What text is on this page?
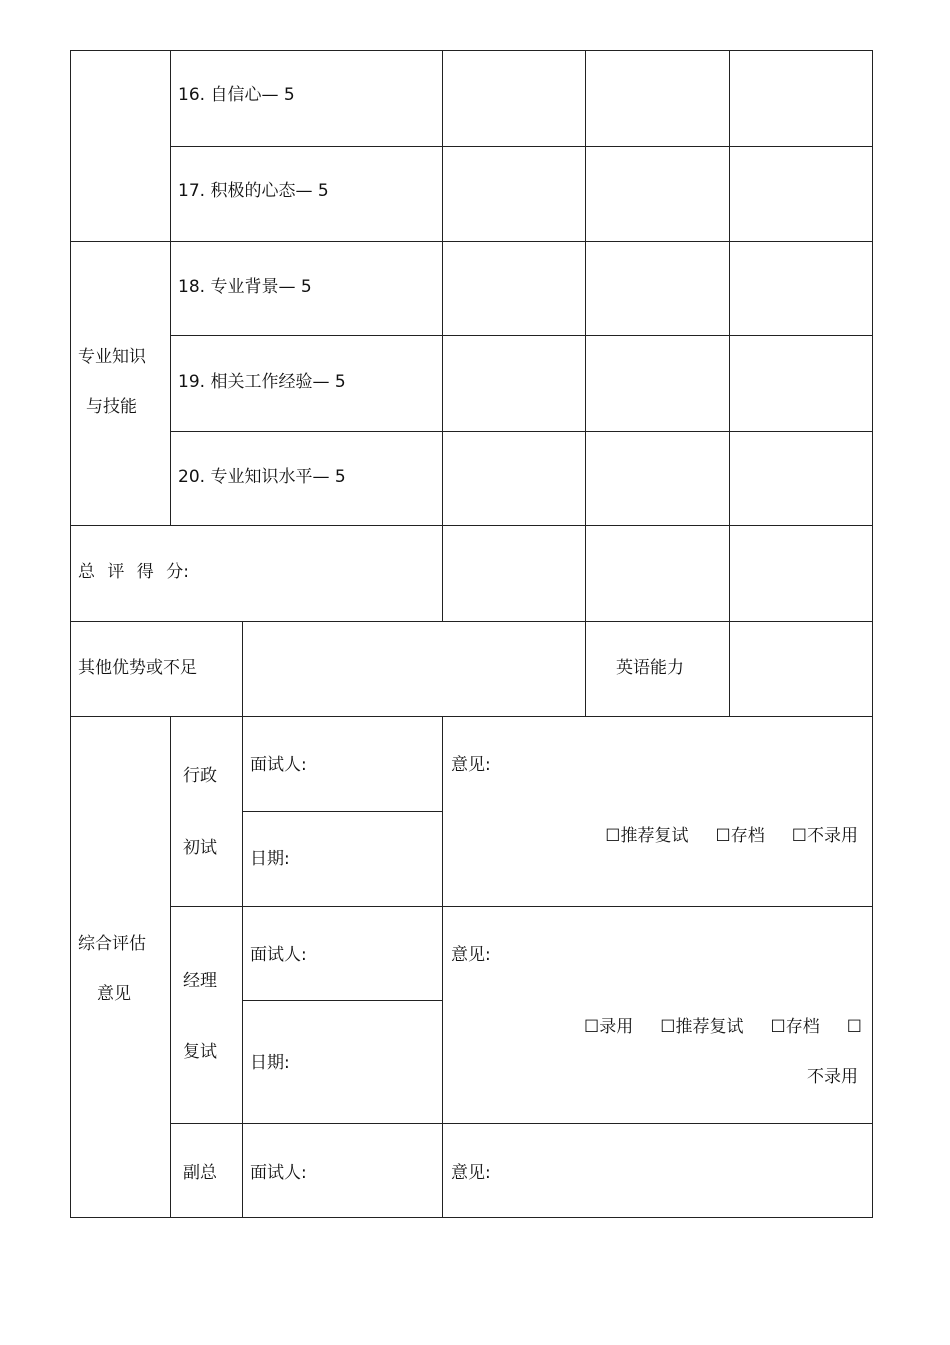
16. 自信心— 5
17. 积极的心态— 5
18. 专业背景— 5
19. 相关工作经验— 5
20. 专业知识水平— 5
专业知识
与技能
总 评 得 分:
其他优势或不足	英语能力
综合评估
意见
行政
初试
经理
复试
副总
面试人:
日期:
面试人:
日期:
面试人:
意见:
☐推荐复试     ☐存档     ☐不录用
意见:
☐录用     ☐推荐复试     ☐存档     ☐
不录用
意见:
